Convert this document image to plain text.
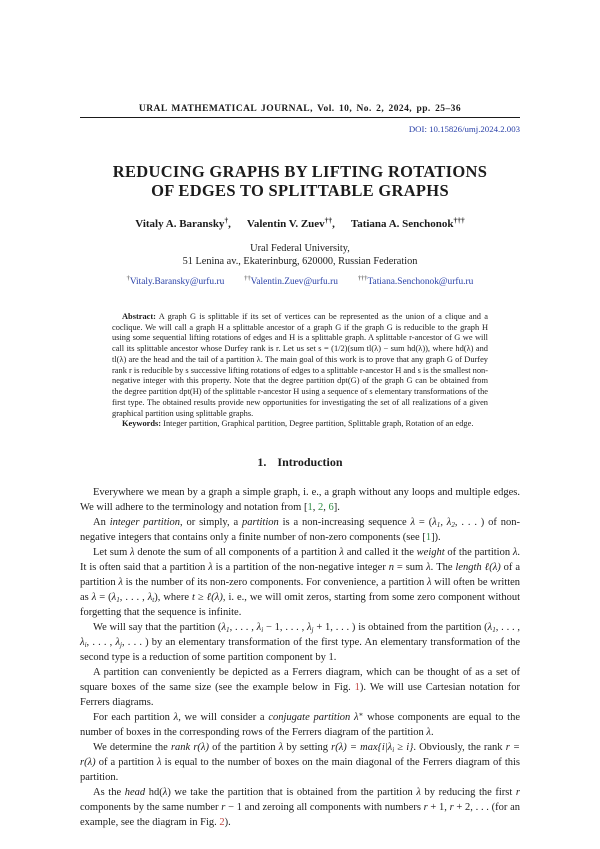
URAL MATHEMATICAL JOURNAL, Vol. 10, No. 2, 2024, pp. 25–36
DOI: 10.15826/umj.2024.2.003
REDUCING GRAPHS BY LIFTING ROTATIONS
OF EDGES TO SPLITTABLE GRAPHS
Vitaly A. Baransky†, Valentin V. Zuev††, Tatiana A. Senchonok†††
Ural Federal University,
51 Lenina av., Ekaterinburg, 620000, Russian Federation
†Vitaly.Baransky@urfu.ru	††Valentin.Zuev@urfu.ru	†††Tatiana.Senchonok@urfu.ru

Abstract: A graph G is splittable if its set of vertices can be represented as the union of a clique and a coclique. We will call a graph H a splittable ancestor of a graph G if the graph G is reducible to the graph H using some sequential lifting rotations of edges and H is a splittable graph. A splittable r-ancestor of G we will call its splittable ancestor whose Durfey rank is r. Let us set s = (1/2)(sum tl(λ) − sum hd(λ)), where hd(λ) and tl(λ) are the head and the tail of a partition λ. The main goal of this work is to prove that any graph G of Durfey rank r is reducible by s successive lifting rotations of edges to a splittable r-ancestor H and s is the smallest non-negative integer with this property. Note that the degree partition dpt(G) of the graph G can be obtained from the degree partition dpt(H) of the splittable r-ancestor H using a sequence of s elementary transformations of the first type. The obtained results provide new opportunities for investigating the set of all realizations of a given graphical partition using splittable graphs.

Keywords: Integer partition, Graphical partition, Degree partition, Splittable graph, Rotation of an edge.

1. Introduction

Everywhere we mean by a graph a simple graph, i. e., a graph without any loops and multiple edges. We will adhere to the terminology and notation from [1, 2, 6].

An integer partition, or simply, a partition is a non-increasing sequence λ = (λ1, λ2, . . . ) of non-negative integers that contains only a finite number of non-zero components (see [1]).

Let sum λ denote the sum of all components of a partition λ and called it the weight of the partition λ. It is often said that a partition λ is a partition of the non-negative integer n = sum λ. The length ℓ(λ) of a partition λ is the number of its non-zero components. For convenience, a partition λ will often be written as λ = (λ1, . . . , λt), where t ≥ ℓ(λ), i. e., we will omit zeros, starting from some zero component without forgetting that the sequence is infinite.

We will say that the partition (λ1, . . . , λi − 1, . . . , λj + 1, . . . ) is obtained from the partition (λ1, . . . , λi, . . . , λj, . . . ) by an elementary transformation of the first type. An elementary transformation of the second type is a reduction of some partition component by 1.

A partition can conveniently be depicted as a Ferrers diagram, which can be thought of as a set of square boxes of the same size (see the example below in Fig. 1). We will use Cartesian notation for Ferrers diagrams.

For each partition λ, we will consider a conjugate partition λ∗ whose components are equal to the number of boxes in the corresponding rows of the Ferrers diagram of the partition λ.

We determine the rank r(λ) of the partition λ by setting r(λ) = max{i|λi ≥ i}. Obviously, the rank r = r(λ) of a partition λ is equal to the number of boxes on the main diagonal of the Ferrers diagram of this partition.

As the head hd(λ) we take the partition that is obtained from the partition λ by reducing the first r components by the same number r − 1 and zeroing all components with numbers r + 1, r + 2, . . . (for an example, see the diagram in Fig. 2).
